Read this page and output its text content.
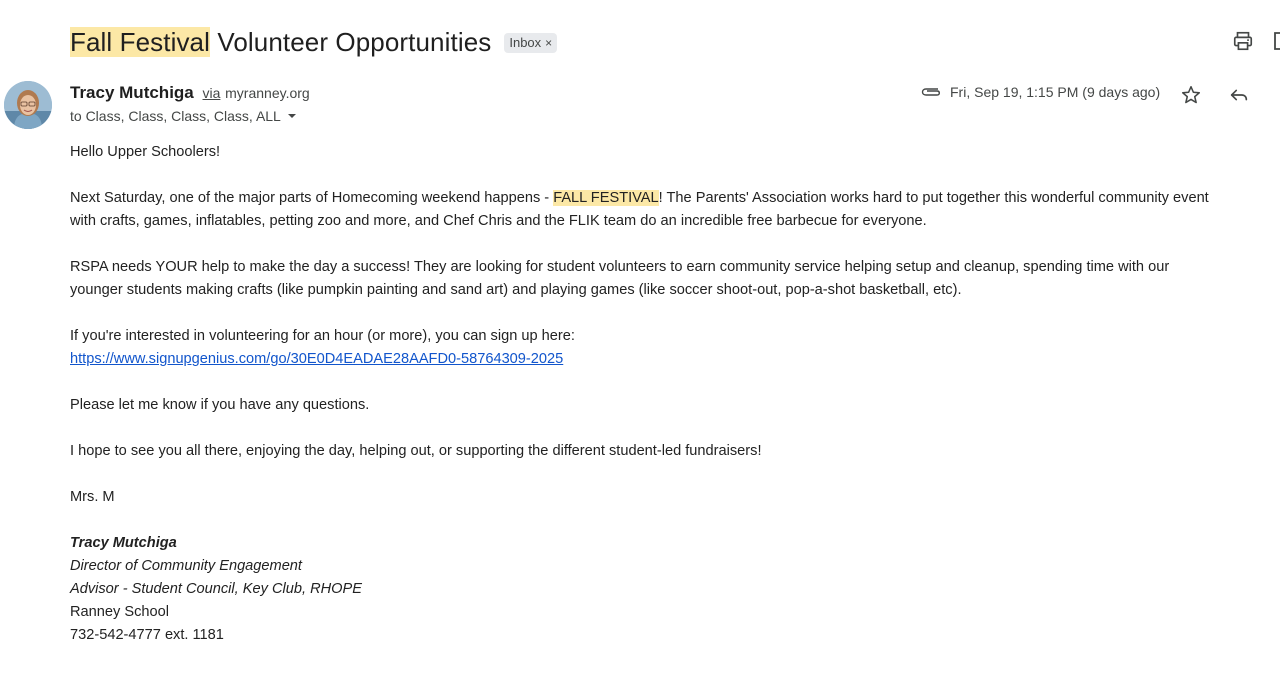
Fall Festival Volunteer Opportunities Inbox ×
Tracy Mutchiga via myranney.org
to Class, Class, Class, Class, ALL
Fri, Sep 19, 1:15 PM (9 days ago)

Hello Upper Schoolers!

Next Saturday, one of the major parts of Homecoming weekend happens - FALL FESTIVAL! The Parents' Association works hard to put together this wonderful community event
with crafts, games, inflatables, petting zoo and more, and Chef Chris and the FLIK team do an incredible free barbecue for everyone.

RSPA needs YOUR help to make the day a success! They are looking for student volunteers to earn community service helping setup and cleanup, spending time with our
younger students making crafts (like pumpkin painting and sand art) and playing games (like soccer shoot-out, pop-a-shot basketball, etc).

If you're interested in volunteering for an hour (or more), you can sign up here:
https://www.signupgenius.com/go/30E0D4EADAE28AAFD0-58764309-2025

Please let me know if you have any questions.

I hope to see you all there, enjoying the day, helping out, or supporting the different student-led fundraisers!

Mrs. M

Tracy Mutchiga

Director of Community Engagement

Advisor - Student Council, Key Club, RHOPE

Ranney School

732-542-4777 ext. 1181
